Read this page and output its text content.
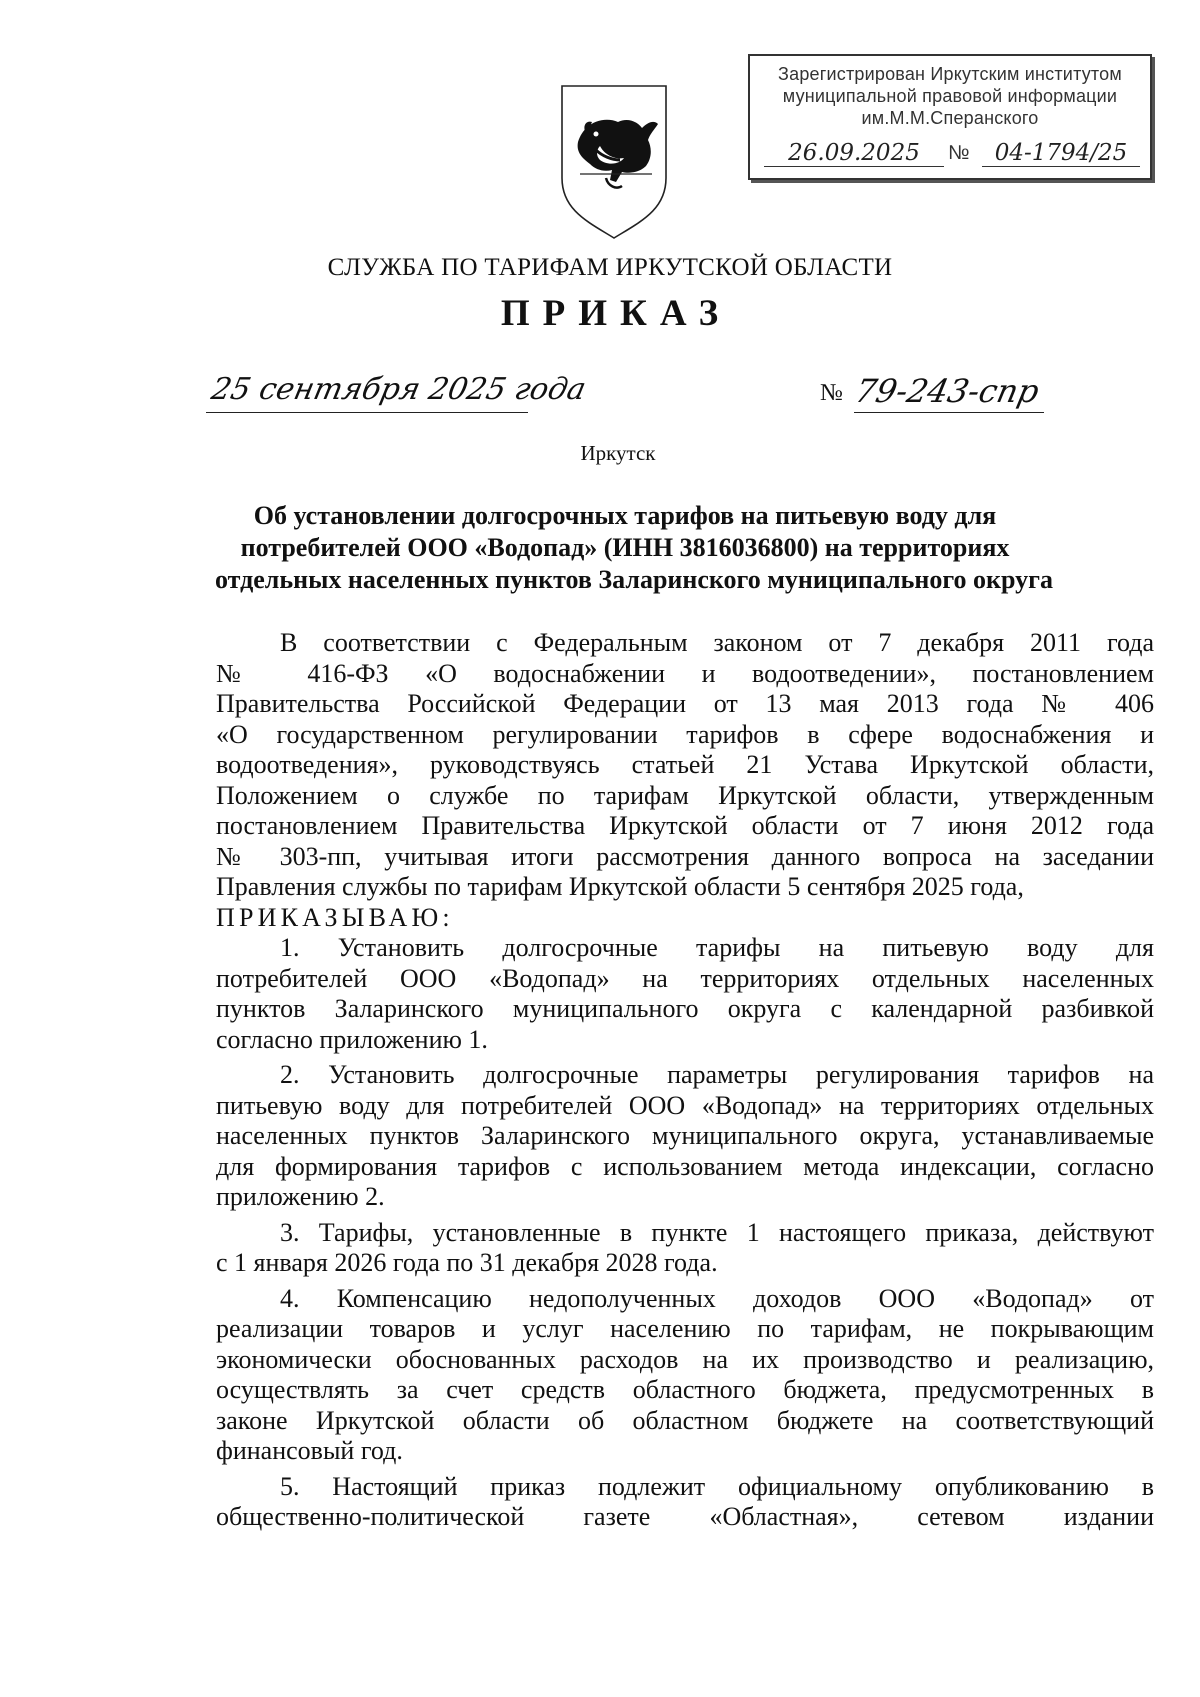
Зарегистрирован Иркутским институтом
муниципальной правовой информации
им.М.М.Сперанского
26.09.2025	№	04-1794/25
СЛУЖБА ПО ТАРИФАМ ИРКУТСКОЙ ОБЛАСТИ
ПРИКАЗ
25 сентября 2025 года	№ 79-243-спр
Иркутск
Об установлении долгосрочных тарифов на питьевую воду для
потребителей ООО «Водопад» (ИНН 3816036800) на территориях
отдельных населенных пунктов Заларинского муниципального округа
В соответствии с Федеральным законом от 7 декабря 2011 года
№ 416-ФЗ «О водоснабжении и водоотведении», постановлением
Правительства Российской Федерации от 13 мая 2013 года № 406
«О государственном регулировании тарифов в сфере водоснабжения и
водоотведения», руководствуясь статьей 21 Устава Иркутской области,
Положением о службе по тарифам Иркутской области, утвержденным
постановлением Правительства Иркутской области от 7 июня 2012 года
№ 303-пп, учитывая итоги рассмотрения данного вопроса на заседании
Правления службы по тарифам Иркутской области 5 сентября 2025 года,
ПРИКАЗЫВАЮ:
1. Установить долгосрочные тарифы на питьевую воду для
потребителей ООО «Водопад» на территориях отдельных населенных
пунктов Заларинского муниципального округа с календарной разбивкой
согласно приложению 1.
2. Установить долгосрочные параметры регулирования тарифов на
питьевую воду для потребителей ООО «Водопад» на территориях отдельных
населенных пунктов Заларинского муниципального округа, устанавливаемые
для формирования тарифов с использованием метода индексации, согласно
приложению 2.
3. Тарифы, установленные в пункте 1 настоящего приказа, действуют
с 1 января 2026 года по 31 декабря 2028 года.
4. Компенсацию недополученных доходов ООО «Водопад» от
реализации товаров и услуг населению по тарифам, не покрывающим
экономически обоснованных расходов на их производство и реализацию,
осуществлять за счет средств областного бюджета, предусмотренных в
законе Иркутской области об областном бюджете на соответствующий
финансовый год.
5. Настоящий приказ подлежит официальному опубликованию в
общественно-политической газете «Областная», сетевом издании
